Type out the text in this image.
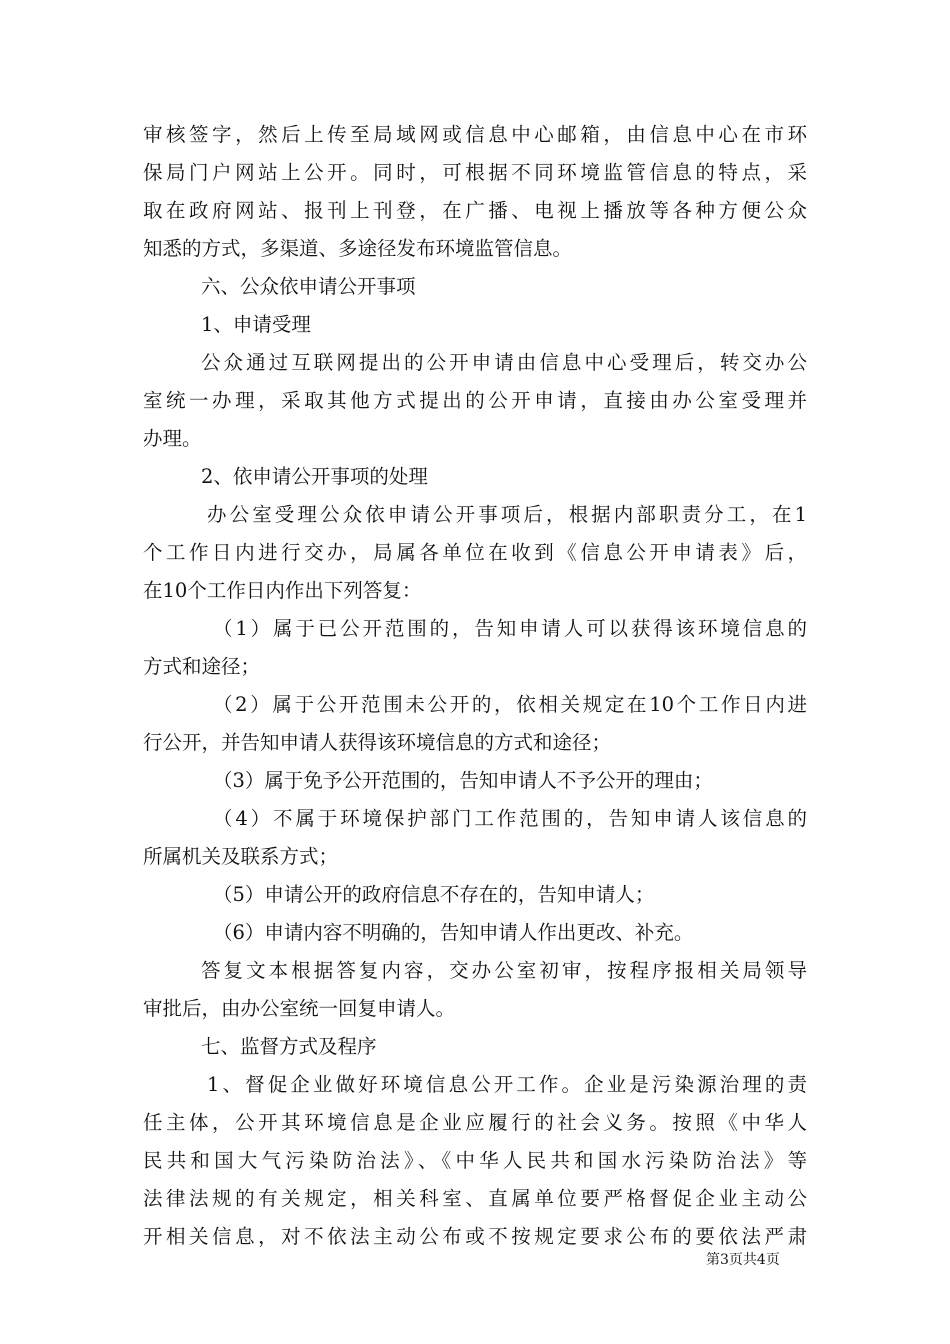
审核签字，然后上传至局域网或信息中心邮箱，由信息中心在市环
保局门户网站上公开。同时，可根据不同环境监管信息的特点，采
取在政府网站、报刊上刊登，在广播、电视上播放等各种方便公众
知悉的方式，多渠道、多途径发布环境监管信息。
六、公众依申请公开事项
1、申请受理
公众通过互联网提出的公开申请由信息中心受理后，转交办公
室统一办理，采取其他方式提出的公开申请，直接由办公室受理并
办理。
2、依申请公开事项的处理
办公室受理公众依申请公开事项后，根据内部职责分工，在1
个工作日内进行交办，局属各单位在收到《信息公开申请表》后，
在10个工作日内作出下列答复：
（1）属于已公开范围的，告知申请人可以获得该环境信息的
方式和途径；
（2）属于公开范围未公开的，依相关规定在10个工作日内进
行公开，并告知申请人获得该环境信息的方式和途径；
（3）属于免予公开范围的，告知申请人不予公开的理由；
（4）不属于环境保护部门工作范围的，告知申请人该信息的
所属机关及联系方式；
（5）申请公开的政府信息不存在的，告知申请人；
（6）申请内容不明确的，告知申请人作出更改、补充。
答复文本根据答复内容，交办公室初审，按程序报相关局领导
审批后，由办公室统一回复申请人。
七、监督方式及程序
1、督促企业做好环境信息公开工作。企业是污染源治理的责
任主体，公开其环境信息是企业应履行的社会义务。按照《中华人
民共和国大气污染防治法》、《中华人民共和国水污染防治法》等
法律法规的有关规定，相关科室、直属单位要严格督促企业主动公
开相关信息，对不依法主动公布或不按规定要求公布的要依法严肃
第3页共4页
